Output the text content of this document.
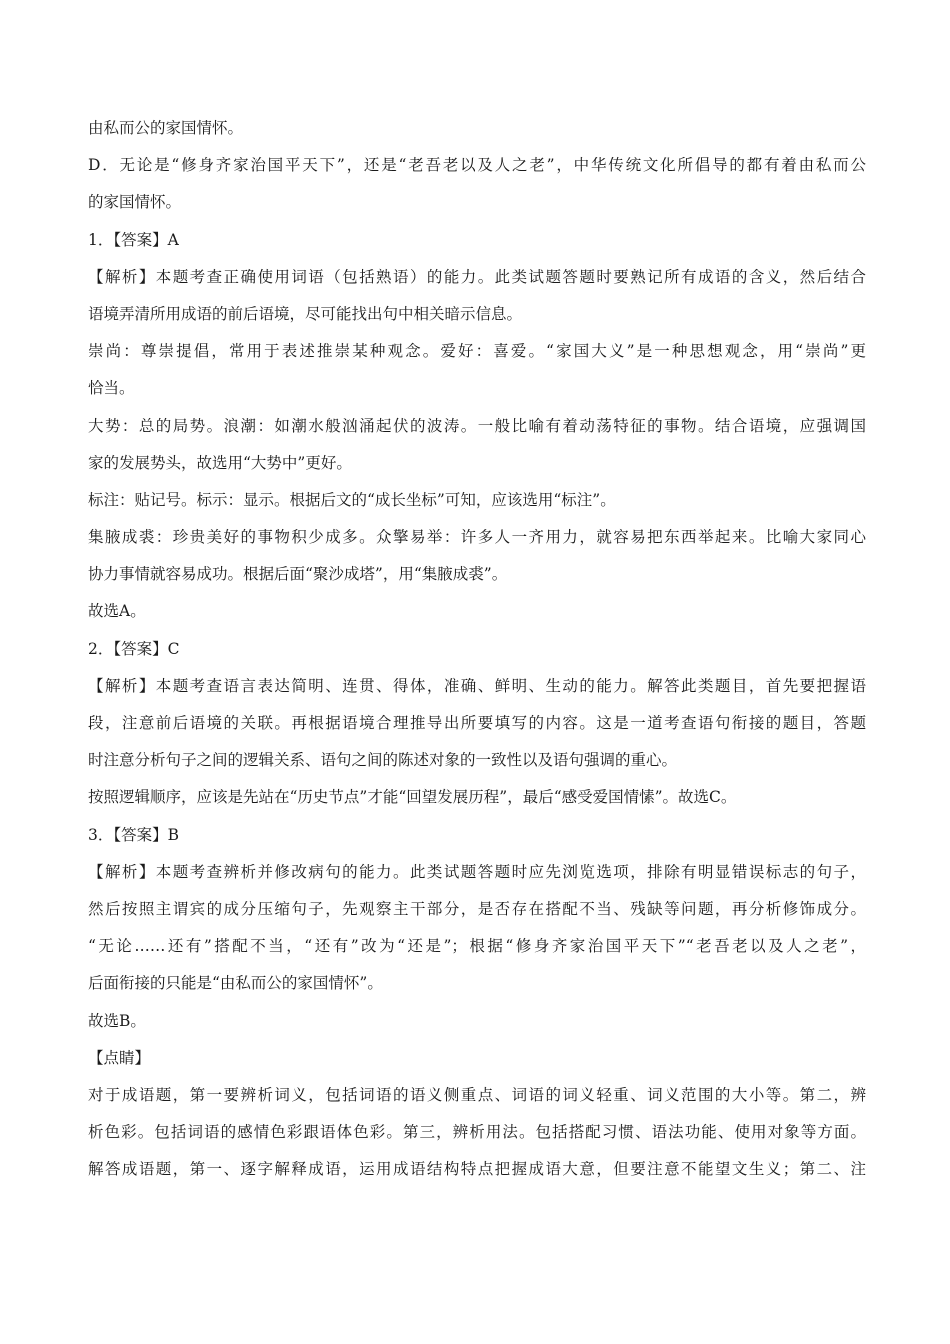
由私而公的家国情怀。
D．无论是“修身齐家治国平天下”，还是“老吾老以及人之老”，中华传统文化所倡导的都有着由私而公
的家国情怀。
1．【答案】A
【解析】本题考查正确使用词语（包括熟语）的能力。此类试题答题时要熟记所有成语的含义，然后结合
语境弄清所用成语的前后语境，尽可能找出句中相关暗示信息。
崇尚：尊崇提倡，常用于表述推崇某种观念。爱好：喜爱。“家国大义”是一种思想观念，用“崇尚”更
恰当。
大势：总的局势。浪潮：如潮水般汹涌起伏的波涛。一般比喻有着动荡特征的事物。结合语境，应强调国
家的发展势头，故选用“大势中”更好。
标注：贴记号。标示：显示。根据后文的“成长坐标”可知，应该选用“标注”。
集腋成裘：珍贵美好的事物积少成多。众擎易举：许多人一齐用力，就容易把东西举起来。比喻大家同心
协力事情就容易成功。根据后面“聚沙成塔”，用“集腋成裘”。
故选A。
2．【答案】C
【解析】本题考查语言表达简明、连贯、得体，准确、鲜明、生动的能力。解答此类题目，首先要把握语
段，注意前后语境的关联。再根据语境合理推导出所要填写的内容。这是一道考查语句衔接的题目，答题
时注意分析句子之间的逻辑关系、语句之间的陈述对象的一致性以及语句强调的重心。
按照逻辑顺序，应该是先站在“历史节点”才能“回望发展历程”，最后“感受爱国情愫”。故选C。
3．【答案】B
【解析】本题考查辨析并修改病句的能力。此类试题答题时应先浏览选项，排除有明显错误标志的句子，
然后按照主谓宾的成分压缩句子，先观察主干部分，是否存在搭配不当、残缺等问题，再分析修饰成分。
“无论……还有”搭配不当，“还有”改为“还是”；根据“修身齐家治国平天下”“老吾老以及人之老”，
后面衔接的只能是“由私而公的家国情怀”。
故选B。
【点睛】
对于成语题，第一要辨析词义，包括词语的语义侧重点、词语的词义轻重、词义范围的大小等。第二，辨
析色彩。包括词语的感情色彩跟语体色彩。第三，辨析用法。包括搭配习惯、语法功能、使用对象等方面。
解答成语题，第一、逐字解释成语，运用成语结构特点把握成语大意，但要注意不能望文生义；第二、注
